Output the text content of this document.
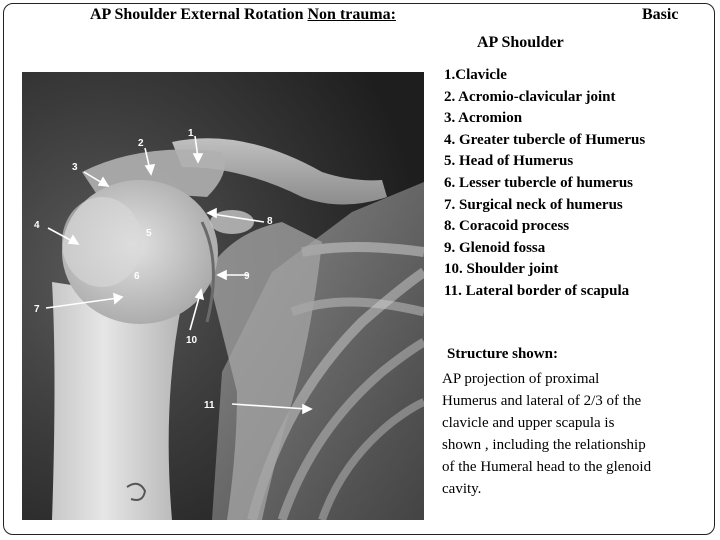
AP Shoulder External Rotation Non trauma:	Basic
AP Shoulder
1
2
3
4
5
6
7
8
9
10
11
1.Clavicle
2. Acromio-clavicular joint
3. Acromion
4. Greater tubercle of Humerus
5. Head of Humerus
6. Lesser tubercle of humerus
7. Surgical neck of humerus
8. Coracoid process
9. Glenoid fossa
10. Shoulder joint
11. Lateral border of scapula
Structure shown:
AP projection of proximal
Humerus and lateral of 2/3 of the
clavicle and upper scapula is
shown , including the relationship
of the Humeral head to the glenoid
cavity.
